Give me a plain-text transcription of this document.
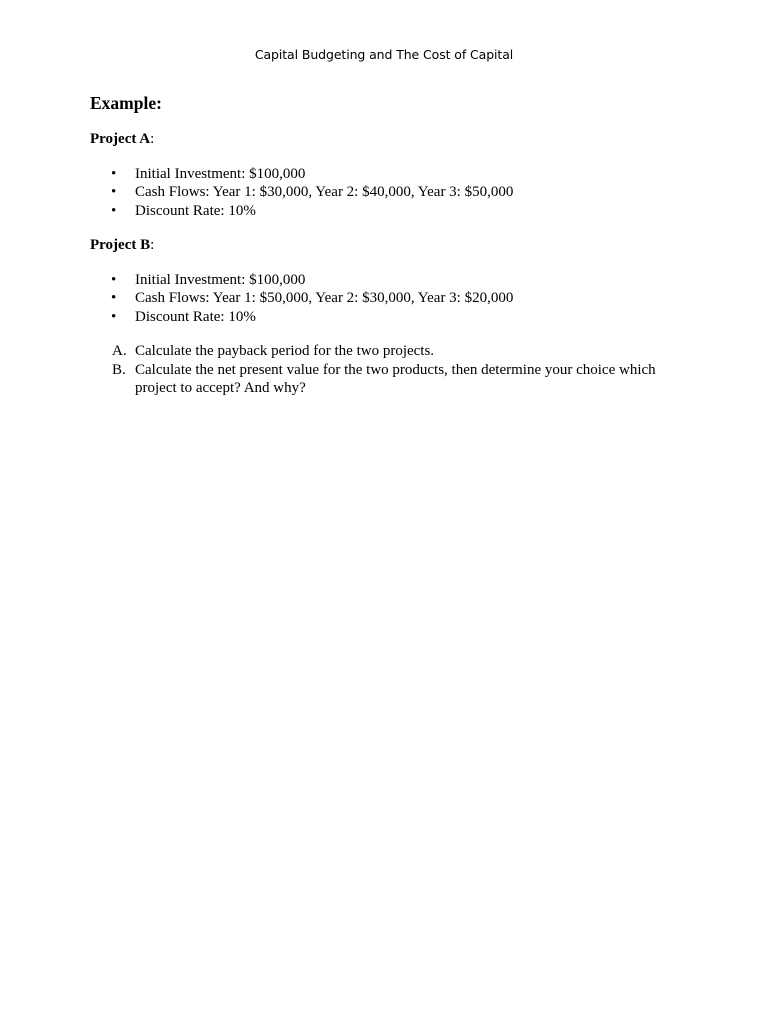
Capital Budgeting and The Cost of Capital
Example:
Project A:
• Initial Investment: $100,000
• Cash Flows: Year 1: $30,000, Year 2: $40,000, Year 3: $50,000
• Discount Rate: 10%
Project B:
• Initial Investment: $100,000
• Cash Flows: Year 1: $50,000, Year 2: $30,000, Year 3: $20,000
• Discount Rate: 10%
A. Calculate the payback period for the two projects.
B. Calculate the net present value for the two products, then determine your choice which project to accept? And why?
